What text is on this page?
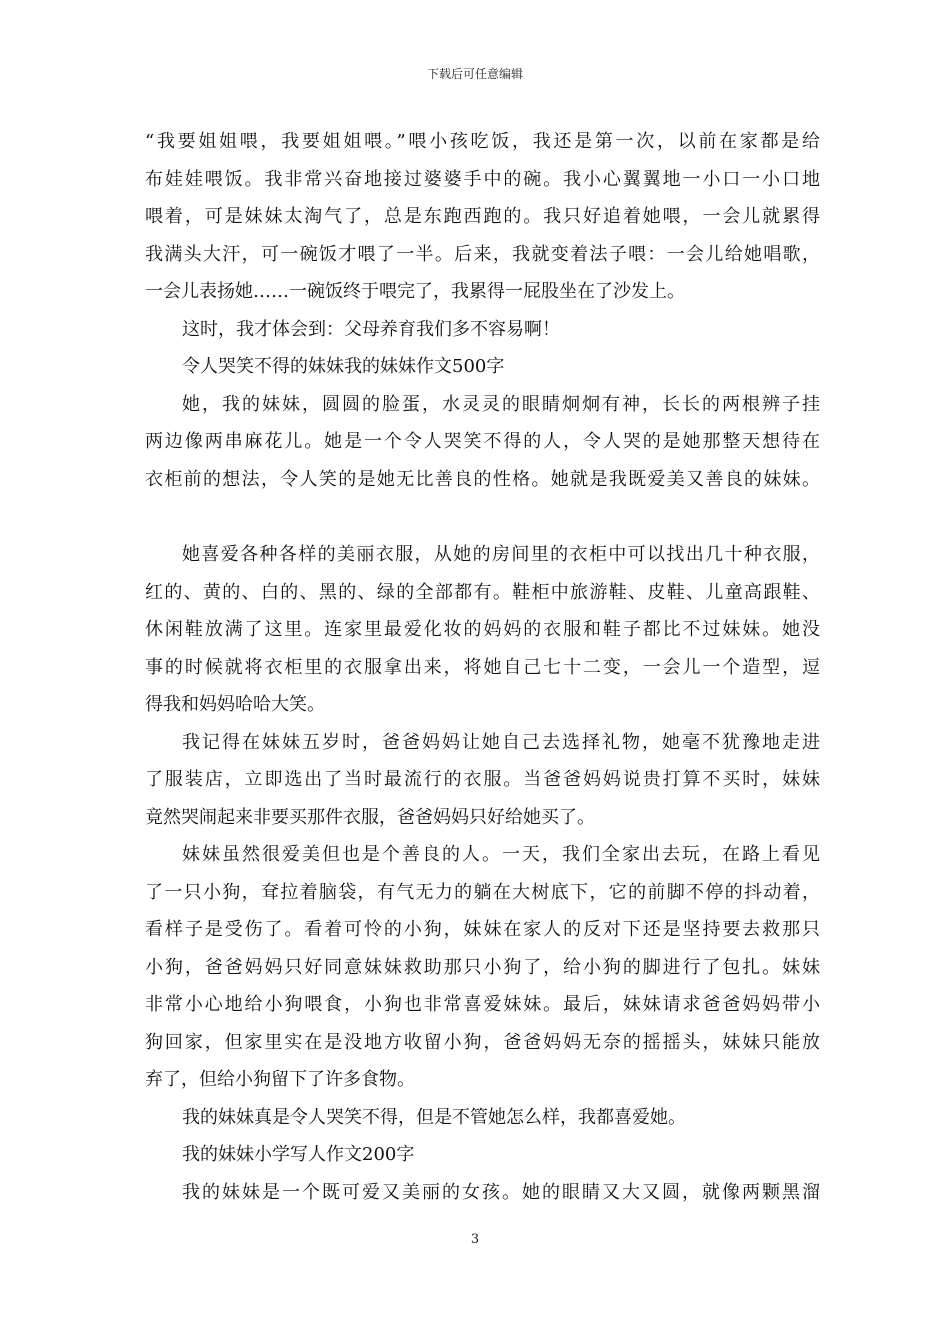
下载后可任意编辑
“我要姐姐喂，我要姐姐喂。”喂小孩吃饭，我还是第一次，以前在家都是给
布娃娃喂饭。我非常兴奋地接过婆婆手中的碗。我小心翼翼地一小口一小口地
喂着，可是妹妹太淘气了，总是东跑西跑的。我只好追着她喂，一会儿就累得
我满头大汗，可一碗饭才喂了一半。后来，我就变着法子喂：一会儿给她唱歌，
一会儿表扬她……一碗饭终于喂完了，我累得一屁股坐在了沙发上。
这时，我才体会到：父母养育我们多不容易啊！
令人哭笑不得的妹妹我的妹妹作文500字
她，我的妹妹，圆圆的脸蛋，水灵灵的眼睛炯炯有神，长长的两根辨子挂
两边像两串麻花儿。她是一个令人哭笑不得的人，令人哭的是她那整天想待在
衣柜前的想法，令人笑的是她无比善良的性格。她就是我既爱美又善良的妹妹。
她喜爱各种各样的美丽衣服，从她的房间里的衣柜中可以找出几十种衣服，
红的、黄的、白的、黑的、绿的全部都有。鞋柜中旅游鞋、皮鞋、儿童高跟鞋、
休闲鞋放满了这里。连家里最爱化妆的妈妈的衣服和鞋子都比不过妹妹。她没
事的时候就将衣柜里的衣服拿出来，将她自己七十二变，一会儿一个造型，逗
得我和妈妈哈哈大笑。
我记得在妹妹五岁时，爸爸妈妈让她自己去选择礼物，她毫不犹豫地走进
了服装店，立即选出了当时最流行的衣服。当爸爸妈妈说贵打算不买时，妹妹
竟然哭闹起来非要买那件衣服，爸爸妈妈只好给她买了。
妹妹虽然很爱美但也是个善良的人。一天，我们全家出去玩，在路上看见
了一只小狗，耷拉着脑袋，有气无力的躺在大树底下，它的前脚不停的抖动着，
看样子是受伤了。看着可怜的小狗，妹妹在家人的反对下还是坚持要去救那只
小狗，爸爸妈妈只好同意妹妹救助那只小狗了，给小狗的脚进行了包扎。妹妹
非常小心地给小狗喂食，小狗也非常喜爱妹妹。最后，妹妹请求爸爸妈妈带小
狗回家，但家里实在是没地方收留小狗，爸爸妈妈无奈的摇摇头，妹妹只能放
弃了，但给小狗留下了许多食物。
我的妹妹真是令人哭笑不得，但是不管她怎么样，我都喜爱她。
我的妹妹小学写人作文200字
我的妹妹是一个既可爱又美丽的女孩。她的眼睛又大又圆，就像两颗黑溜
3
